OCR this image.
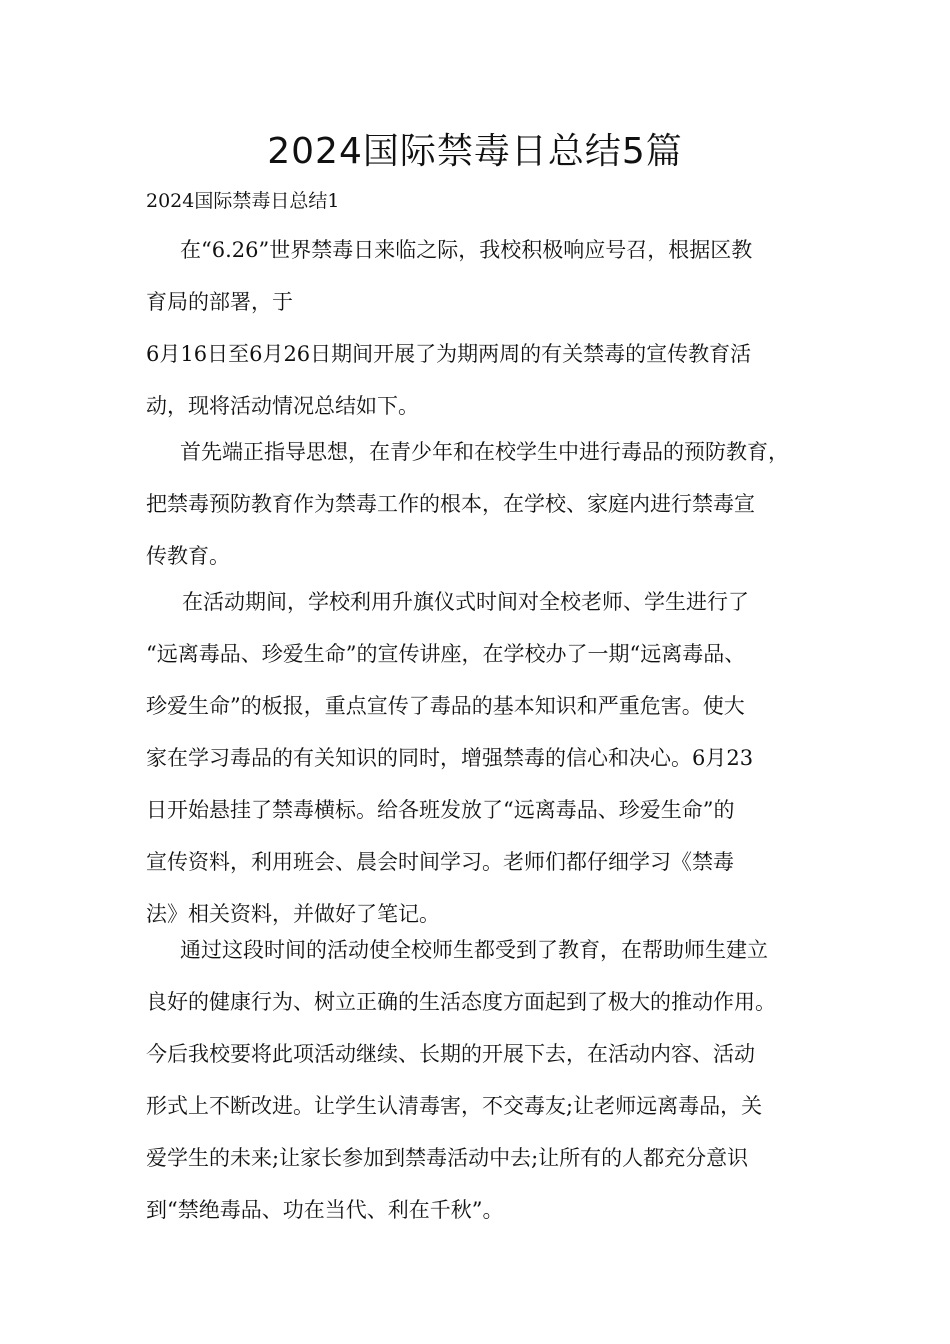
2024国际禁毒日总结5篇
2024国际禁毒日总结1
在“6.26”世界禁毒日来临之际，我校积极响应号召，根据区教
育局的部署，于
6月16日至6月26日期间开展了为期两周的有关禁毒的宣传教育活
动，现将活动情况总结如下。
首先端正指导思想，在青少年和在校学生中进行毒品的预防教育，
把禁毒预防教育作为禁毒工作的根本，在学校、家庭内进行禁毒宣
传教育。
在活动期间，学校利用升旗仪式时间对全校老师、学生进行了
“远离毒品、珍爱生命”的宣传讲座，在学校办了一期“远离毒品、
珍爱生命”的板报，重点宣传了毒品的基本知识和严重危害。使大
家在学习毒品的有关知识的同时，增强禁毒的信心和决心。6月23
日开始悬挂了禁毒横标。给各班发放了“远离毒品、珍爱生命”的
宣传资料，利用班会、晨会时间学习。老师们都仔细学习《禁毒
法》相关资料，并做好了笔记。
通过这段时间的活动使全校师生都受到了教育，在帮助师生建立
良好的健康行为、树立正确的生活态度方面起到了极大的推动作用。
今后我校要将此项活动继续、长期的开展下去，在活动内容、活动
形式上不断改进。让学生认清毒害，不交毒友;让老师远离毒品，关
爱学生的未来;让家长参加到禁毒活动中去;让所有的人都充分意识
到“禁绝毒品、功在当代、利在千秋”。
